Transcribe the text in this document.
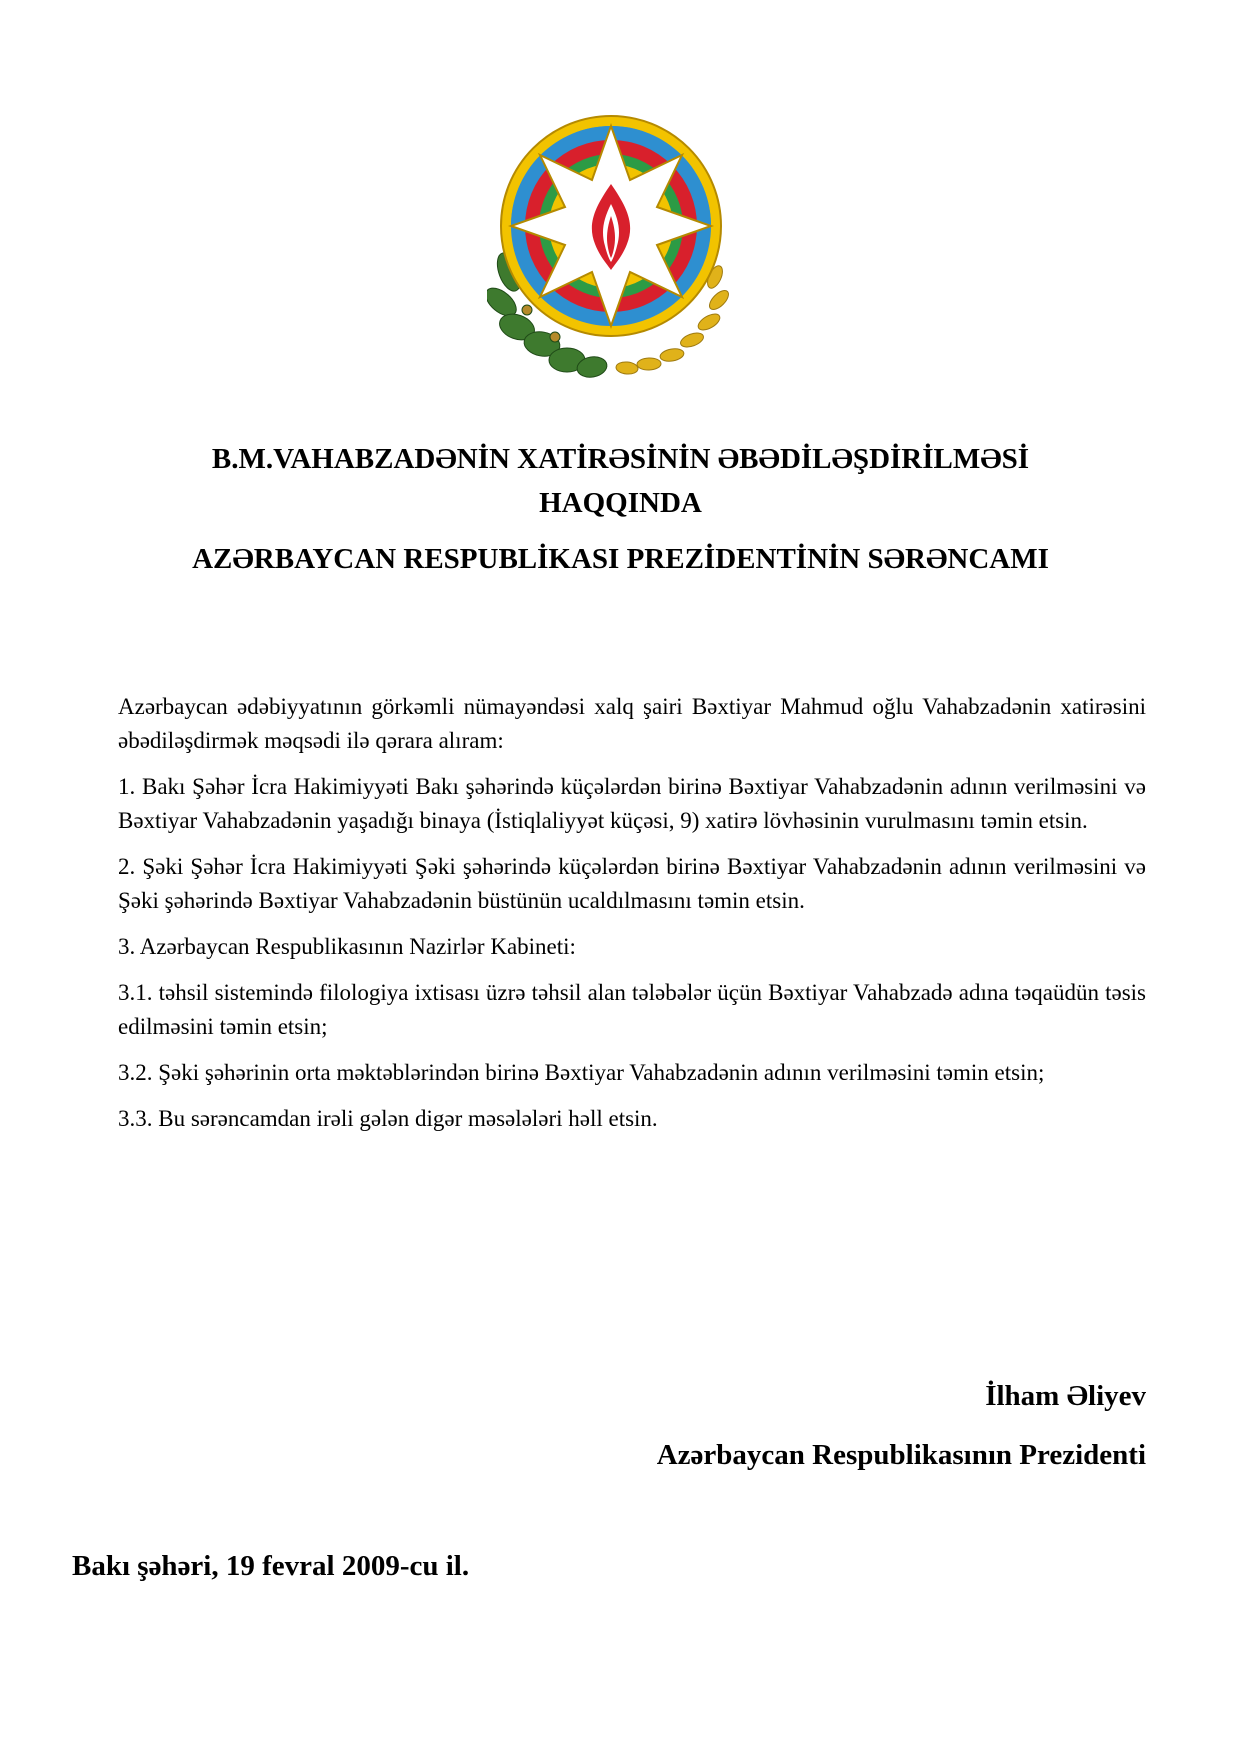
B.M.VAHABZADƏNİN XATİRƏSİNİN ƏBƏDİLƏŞDİRİLMƏSİ
HAQQINDA
AZƏRBAYCAN RESPUBLİKASI PREZİDENTİNİN SƏRƏNCAMI

Azərbaycan ədəbiyyatının görkəmli nümayəndəsi xalq şairi Bəxtiyar Mahmud oğlu Vahabzadənin xatirəsini əbədiləşdirmək məqsədi ilə qərara alıram:

1. Bakı Şəhər İcra Hakimiyyəti Bakı şəhərində küçələrdən birinə Bəxtiyar Vahabzadənin adının verilməsini və Bəxtiyar Vahabzadənin yaşadığı binaya (İstiqlaliyyət küçəsi, 9) xatirə lövhəsinin vurulmasını təmin etsin.

2. Şəki Şəhər İcra Hakimiyyəti Şəki şəhərində küçələrdən birinə Bəxtiyar Vahabzadənin adının verilməsini və Şəki şəhərində Bəxtiyar Vahabzadənin büstünün ucaldılmasını təmin etsin.

3. Azərbaycan Respublikasının Nazirlər Kabineti:

3.1. təhsil sistemində filologiya ixtisası üzrə təhsil alan tələbələr üçün Bəxtiyar Vahabzadə adına təqaüdün təsis edilməsini təmin etsin;

3.2. Şəki şəhərinin orta məktəblərindən birinə Bəxtiyar Vahabzadənin adının verilməsini təmin etsin;

3.3. Bu sərəncamdan irəli gələn digər məsələləri həll etsin.

İlham Əliyev
Azərbaycan Respublikasının Prezidenti
Bakı şəhəri, 19 fevral 2009-cu il.
